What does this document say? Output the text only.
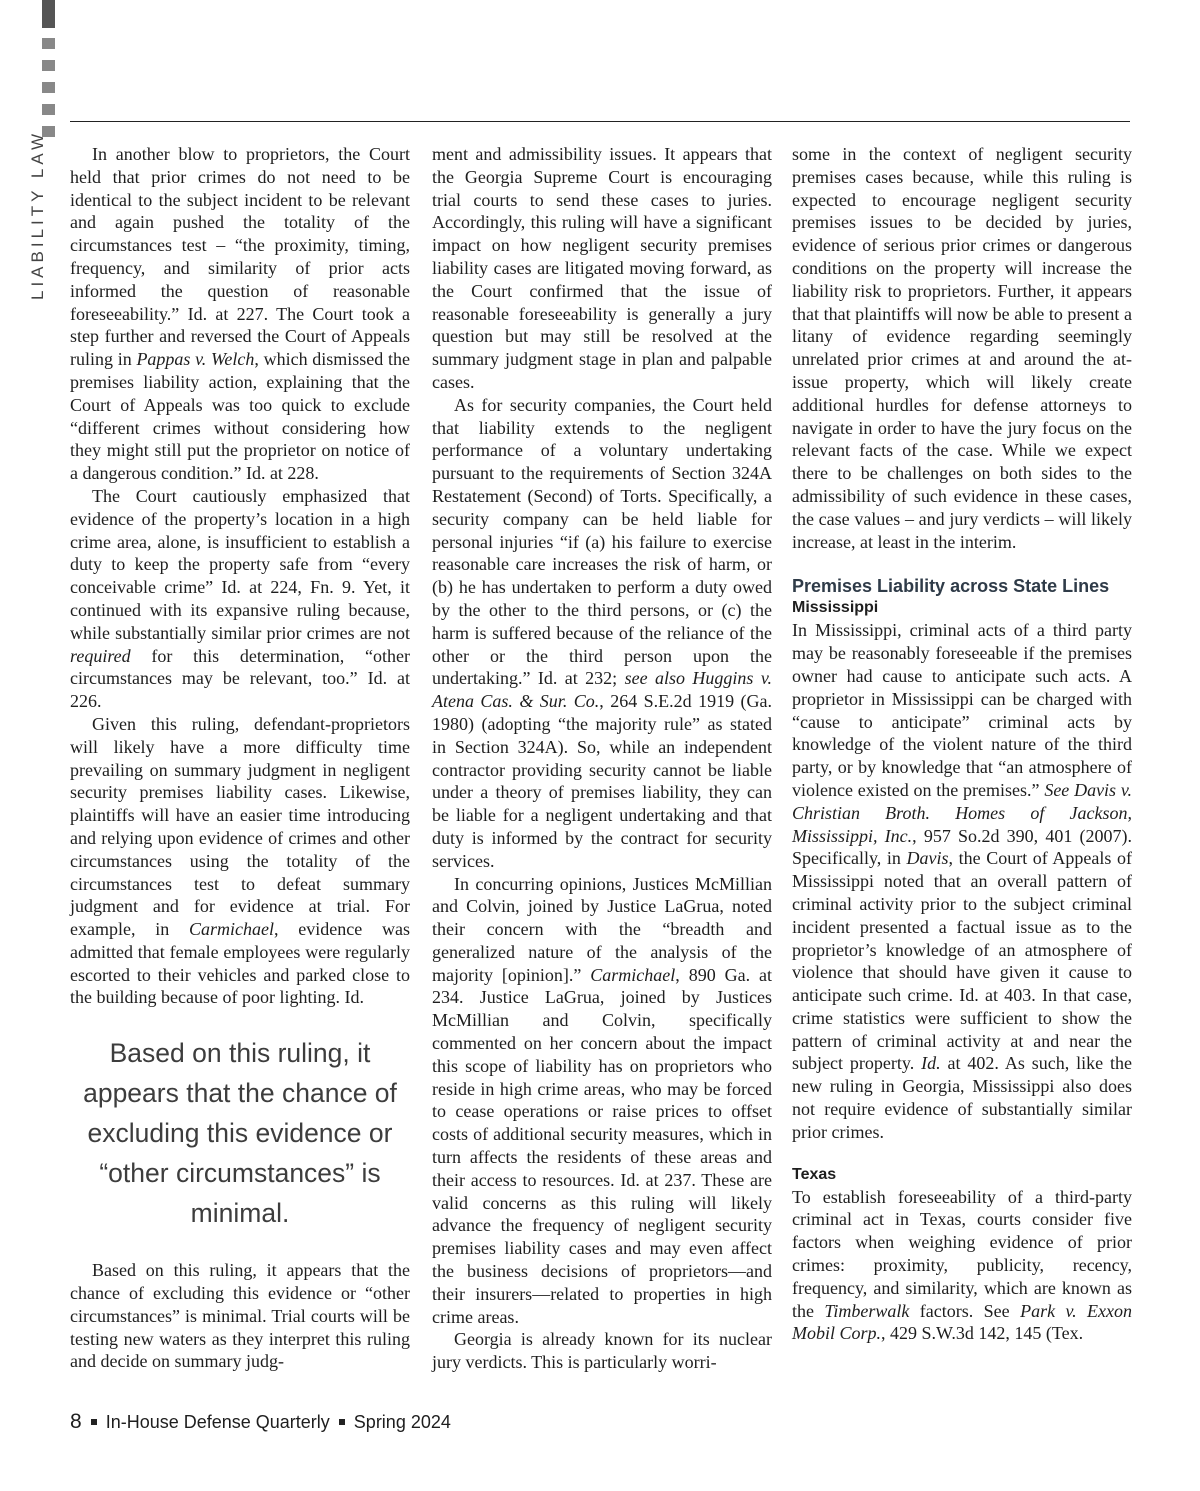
LIABILITY LAW	In another blow to proprietors, the Court held that prior crimes do not need to be identical to the subject incident to be relevant and again pushed the totality of the circumstances test – “the proximity, timing, frequency, and similarity of prior acts informed the question of reasonable foreseeability.” Id. at 227. The Court took a step further and reversed the Court of Appeals ruling in Pappas v. Welch, which dismissed the premises liability action, explaining that the Court of Appeals was too quick to exclude “different crimes without considering how they might still put the proprietor on notice of a dangerous condition.” Id. at 228.

The Court cautiously emphasized that evidence of the property’s location in a high crime area, alone, is insufficient to establish a duty to keep the property safe from “every conceivable crime” Id. at 224, Fn. 9. Yet, it continued with its expansive ruling because, while substantially similar prior crimes are not required for this determination, “other circumstances may be relevant, too.” Id. at 226.

Given this ruling, defendant-proprietors will likely have a more difficulty time prevailing on summary judgment in negligent security premises liability cases. Likewise, plaintiffs will have an easier time introducing and relying upon evidence of crimes and other circumstances using the totality of the circumstances test to defeat summary judgment and for evidence at trial. For example, in Carmichael, evidence was admitted that female employees were regularly escorted to their vehicles and parked close to the building because of poor lighting. Id.

Based on this ruling, it appears that the chance of excluding this evidence or “other circumstances” is minimal.

Based on this ruling, it appears that the chance of excluding this evidence or “other circumstances” is minimal. Trial courts will be testing new waters as they interpret this ruling and decide on summary judg-

ment and admissibility issues. It appears that the Georgia Supreme Court is encouraging trial courts to send these cases to juries. Accordingly, this ruling will have a significant impact on how negligent security premises liability cases are litigated moving forward, as the Court confirmed that the issue of reasonable foreseeability is generally a jury question but may still be resolved at the summary judgment stage in plan and palpable cases.

As for security companies, the Court held that liability extends to the negligent performance of a voluntary undertaking pursuant to the requirements of Section 324A Restatement (Second) of Torts. Specifically, a security company can be held liable for personal injuries “if (a) his failure to exercise reasonable care increases the risk of harm, or (b) he has undertaken to perform a duty owed by the other to the third persons, or (c) the harm is suffered because of the reliance of the other or the third person upon the undertaking.” Id. at 232; see also Huggins v. Atena Cas. & Sur. Co., 264 S.E.2d 1919 (Ga. 1980) (adopting “the majority rule” as stated in Section 324A). So, while an independent contractor providing security cannot be liable under a theory of premises liability, they can be liable for a negligent undertaking and that duty is informed by the contract for security services.

In concurring opinions, Justices McMillian and Colvin, joined by Justice LaGrua, noted their concern with the “breadth and generalized nature of the analysis of the majority [opinion].” Carmichael, 890 Ga. at 234. Justice LaGrua, joined by Justices McMillian and Colvin, specifically commented on her concern about the impact this scope of liability has on proprietors who reside in high crime areas, who may be forced to cease operations or raise prices to offset costs of additional security measures, which in turn affects the residents of these areas and their access to resources. Id. at 237. These are valid concerns as this ruling will likely advance the frequency of negligent security premises liability cases and may even affect the business decisions of proprietors—and their insurers—related to properties in high crime areas.

Georgia is already known for its nuclear jury verdicts. This is particularly worri-

some in the context of negligent security premises cases because, while this ruling is expected to encourage negligent security premises issues to be decided by juries, evidence of serious prior crimes or dangerous conditions on the property will increase the liability risk to proprietors. Further, it appears that that plaintiffs will now be able to present a litany of evidence regarding seemingly unrelated prior crimes at and around the at-issue property, which will likely create additional hurdles for defense attorneys to navigate in order to have the jury focus on the relevant facts of the case. While we expect there to be challenges on both sides to the admissibility of such evidence in these cases, the case values – and jury verdicts – will likely increase, at least in the interim.

Premises Liability across State Lines
Mississippi

In Mississippi, criminal acts of a third party may be reasonably foreseeable if the premises owner had cause to anticipate such acts. A proprietor in Mississippi can be charged with “cause to anticipate” criminal acts by knowledge of the violent nature of the third party, or by knowledge that “an atmosphere of violence existed on the premises.” See Davis v. Christian Broth. Homes of Jackson, Mississippi, Inc., 957 So.2d 390, 401 (2007). Specifically, in Davis, the Court of Appeals of Mississippi noted that an overall pattern of criminal activity prior to the subject criminal incident presented a factual issue as to the proprietor’s knowledge of an atmosphere of violence that should have given it cause to anticipate such crime. Id. at 403. In that case, crime statistics were sufficient to show the pattern of criminal activity at and near the subject property. Id. at 402. As such, like the new ruling in Georgia, Mississippi also does not require evidence of substantially similar prior crimes.

Texas

To establish foreseeability of a third-party criminal act in Texas, courts consider five factors when weighing evidence of prior crimes: proximity, publicity, recency, frequency, and similarity, which are known as the Timberwalk factors. See Park v. Exxon Mobil Corp., 429 S.W.3d 142, 145 (Tex.

8 In-House Defense Quarterly Spring 2024
